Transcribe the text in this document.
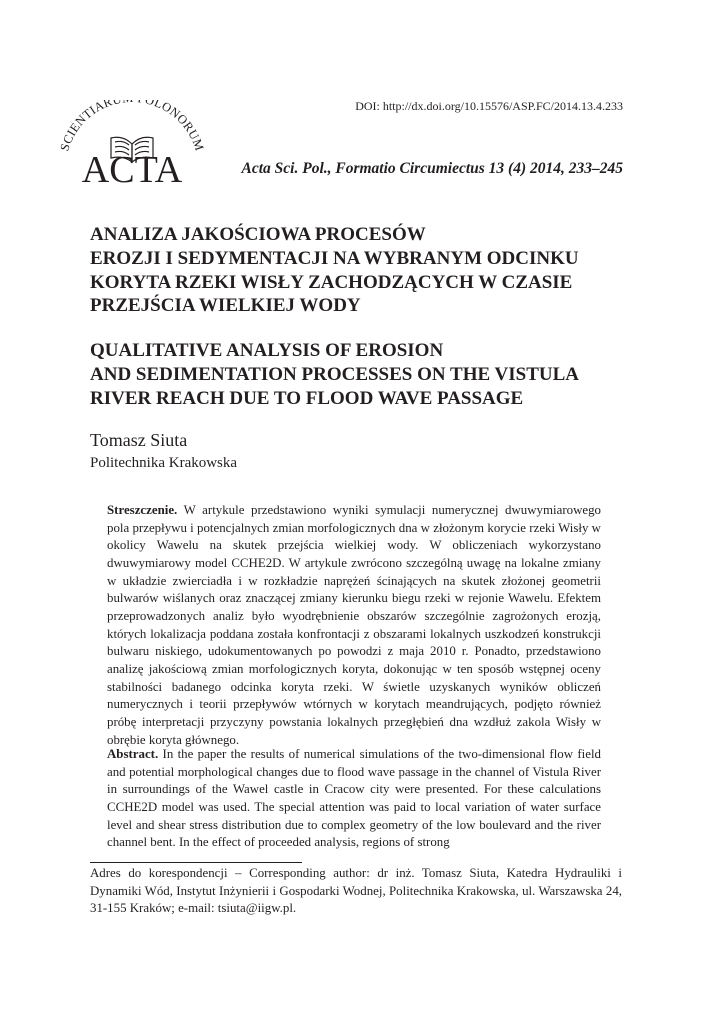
DOI: http://dx.doi.org/10.15576/ASP.FC/2014.13.4.233
SCIENTIAR OLONORUM
ACTA	Acta Sci. Pol., Formatio Circumiectus 13 (4) 2014, 233–245
ANALIZA JAKOŚCIOWA PROCESÓW
EROZJI I SEDYMENTACJI NA WYBRANYM ODCINKU
KORYTA RZEKI WISŁY ZACHODZĄCYCH W CZASIE
PRZEJŚCIA WIELKIEJ WODY
QUALITATIVE ANALYSIS OF EROSION
AND SEDIMENTATION PROCESSES ON THE VISTULA
RIVER REACH DUE TO FLOOD WAVE PASSAGE
Tomasz Siuta
Politechnika Krakowska
Streszczenie. W artykule przedstawiono wyniki symulacji numerycznej dwuwymiarowego pola przepływu i potencjalnych zmian morfologicznych dna w złożonym korycie rzeki Wisły w okolicy Wawelu na skutek przejścia wielkiej wody. W obliczeniach wykorzystano dwuwymiarowy model CCHE2D. W artykule zwrócono szczególną uwagę na lokalne zmiany w układzie zwierciadła i w rozkładzie naprężeń ścinających na skutek złożonej geometrii bulwarów wiślanych oraz znaczącej zmiany kierunku biegu rzeki w rejonie Wawelu. Efektem przeprowadzonych analiz było wyodrębnienie obszarów szczególnie zagrożonych erozją, których lokalizacja poddana została konfrontacji z obszarami lokalnych uszkodzeń konstrukcji bulwaru niskiego, udokumentowanych po powodzi z maja 2010 r. Ponadto, przedstawiono analizę jakościową zmian morfologicznych koryta, dokonując w ten sposób wstępnej oceny stabilności badanego odcinka koryta rzeki. W świetle uzyskanych wyników obliczeń numerycznych i teorii przepływów wtórnych w korytach meandrujących, podjęto również próbę interpretacji przyczyny powstania lokalnych przegłębień dna wzdłuż zakola Wisły w obrębie koryta głównego.
Abstract. In the paper the results of numerical simulations of the two-dimensional flow field and potential morphological changes due to flood wave passage in the channel of Vistula River in surroundings of the Wawel castle in Cracow city were presented. For these calculations CCHE2D model was used. The special attention was paid to local variation of water surface level and shear stress distribution due to complex geometry of the low boulevard and the river channel bent. In the effect of proceeded analysis, regions of strong
Adres do korespondencji – Corresponding author: dr inż. Tomasz Siuta, Katedra Hydrauliki i Dynamiki Wód, Instytut Inżynierii i Gospodarki Wodnej, Politechnika Krakowska, ul. Warszawska 24, 31-155 Kraków; e-mail: tsiuta@iigw.pl.
